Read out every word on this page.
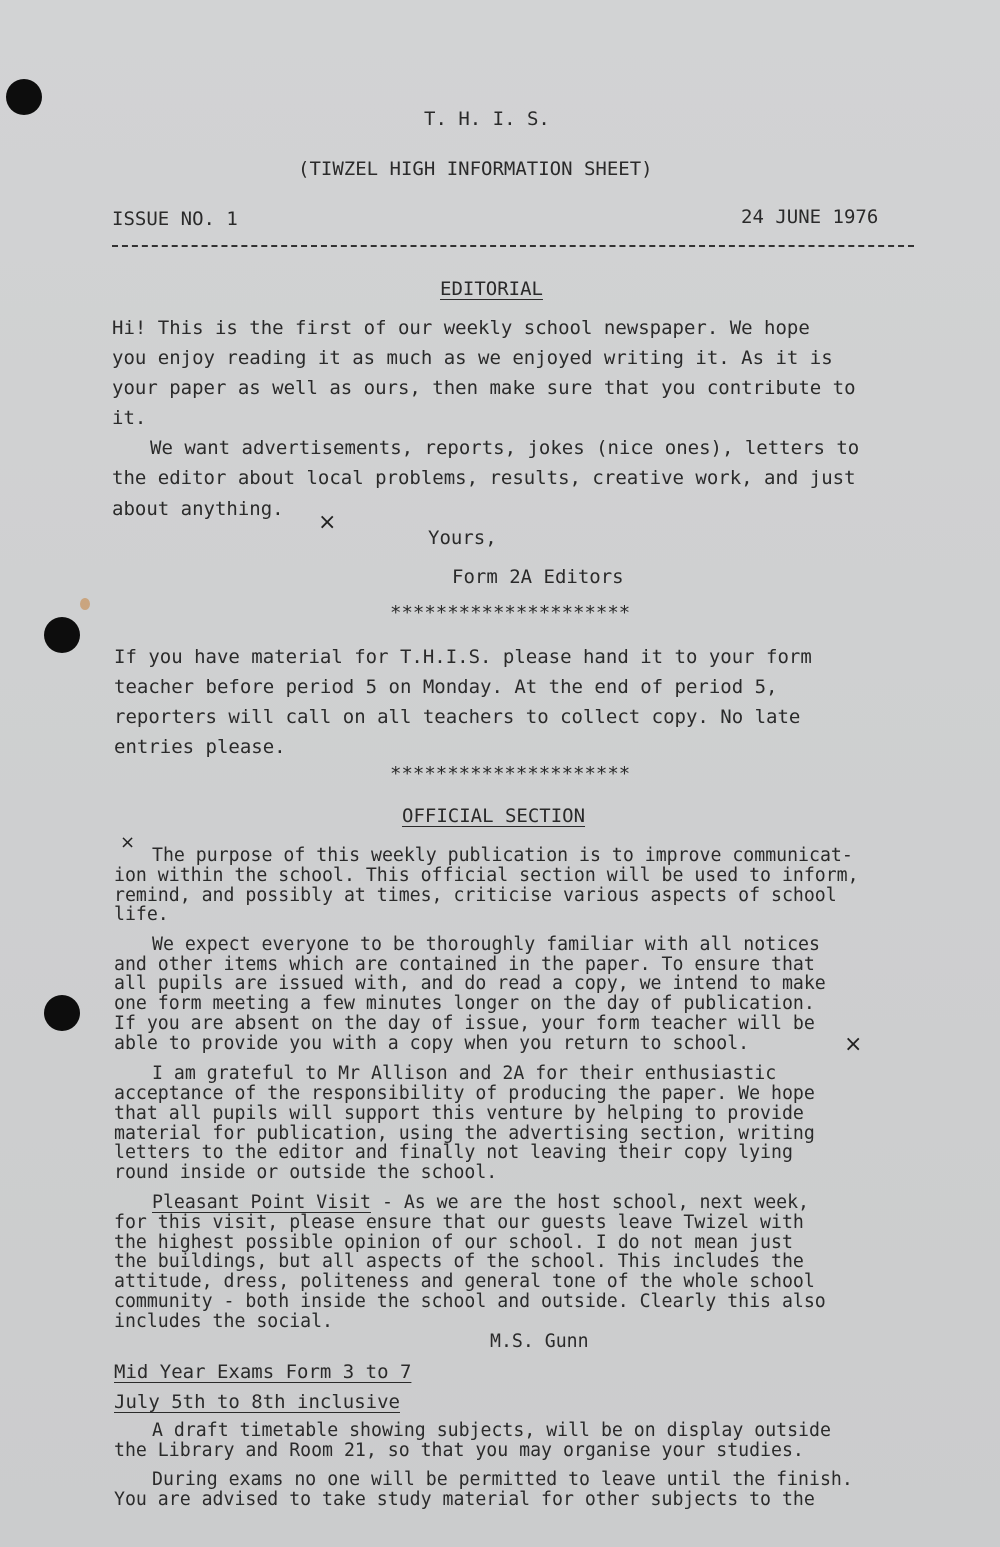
T. H. I. S.
(TIWZEL HIGH INFORMATION SHEET)
ISSUE NO. 1	24 JUNE 1976
EDITORIAL
Hi! This is the first of our weekly school newspaper. We hope
you enjoy reading it as much as we enjoyed writing it. As it is
your paper as well as ours, then make sure that you contribute to
it.
We want advertisements, reports, jokes (nice ones), letters to
the editor about local problems, results, creative work, and just
about anything.
×
Yours,
Form 2A Editors
*********************
If you have material for T.H.I.S. please hand it to your form
teacher before period 5 on Monday. At the end of period 5,
reporters will call on all teachers to collect copy. No late
entries please.
*********************
OFFICIAL SECTION
×
The purpose of this weekly publication is to improve communicat-
ion within the school. This official section will be used to inform,
remind, and possibly at times, criticise various aspects of school
life.
We expect everyone to be thoroughly familiar with all notices
and other items which are contained in the paper. To ensure that
all pupils are issued with, and do read a copy, we intend to make
one form meeting a few minutes longer on the day of publication.
If you are absent on the day of issue, your form teacher will be
able to provide you with a copy when you return to school.	×
I am grateful to Mr Allison and 2A for their enthusiastic
acceptance of the responsibility of producing the paper. We hope
that all pupils will support this venture by helping to provide
material for publication, using the advertising section, writing
letters to the editor and finally not leaving their copy lying
round inside or outside the school.
Pleasant Point Visit - As we are the host school, next week,
for this visit, please ensure that our guests leave Twizel with
the highest possible opinion of our school. I do not mean just
the buildings, but all aspects of the school. This includes the
attitude, dress, politeness and general tone of the whole school
community - both inside the school and outside. Clearly this also
includes the social.
M.S. Gunn
Mid Year Exams Form 3 to 7
July 5th to 8th inclusive
A draft timetable showing subjects, will be on display outside
the Library and Room 21, so that you may organise your studies.
During exams no one will be permitted to leave until the finish.
You are advised to take study material for other subjects to the
